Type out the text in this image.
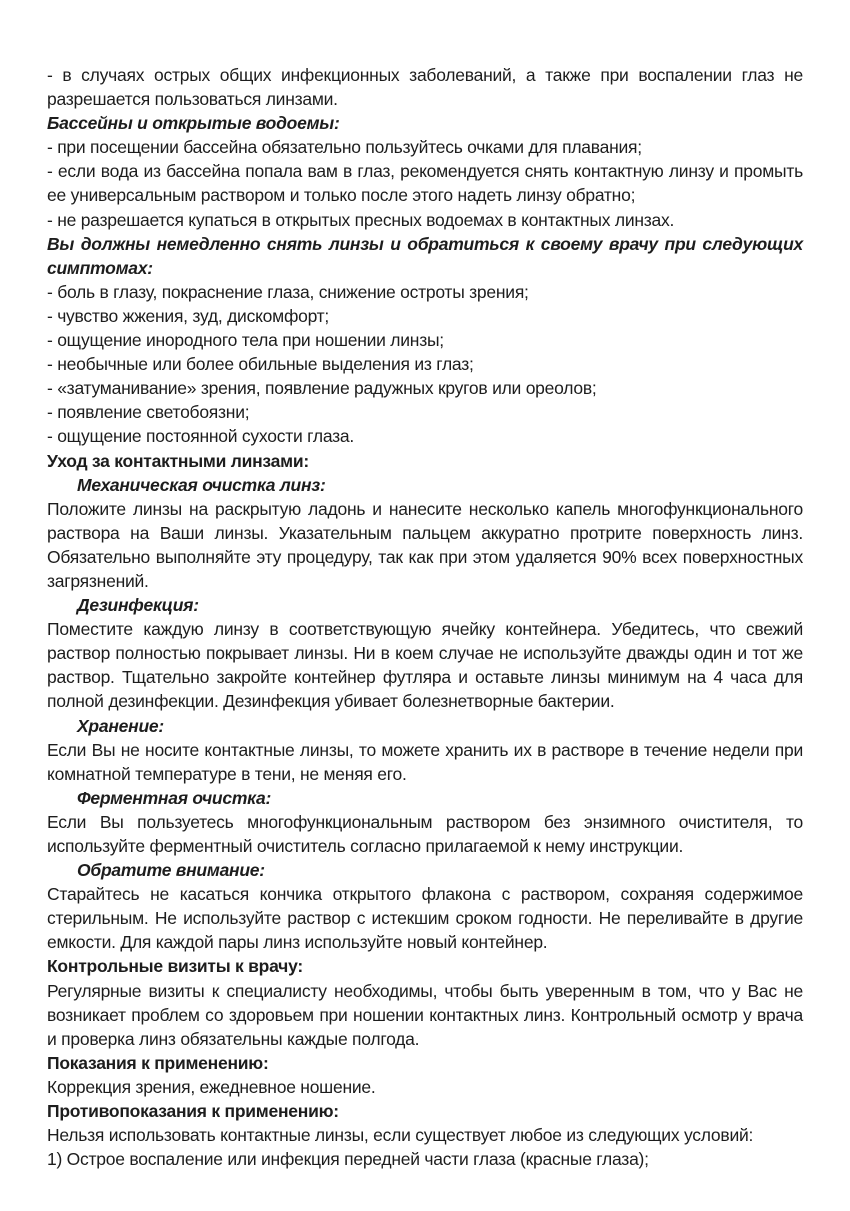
- в случаях острых общих инфекционных заболеваний, а также при воспалении глаз не разрешается пользоваться линзами.

Бассейны и открытые водоемы:

- при посещении бассейна обязательно пользуйтесь очками для плавания;

- если вода из бассейна попала вам в глаз, рекомендуется снять контактную линзу и промыть ее универсальным раствором и только после этого надеть линзу обратно;

- не разрешается купаться в открытых пресных водоемах в контактных линзах.

Вы должны немедленно снять линзы и обратиться к своему врачу при следующих симптомах:

- боль в глазу, покраснение глаза, снижение остроты зрения;

- чувство жжения, зуд, дискомфорт;

- ощущение инородного тела при ношении линзы;

- необычные или более обильные выделения из глаз;

- «затуманивание» зрения, появление радужных кругов или ореолов;

- появление светобоязни;

- ощущение постоянной сухости глаза.

Уход за контактными линзами:

Механическая очистка линз:

Положите линзы на раскрытую ладонь и нанесите несколько капель многофункционального раствора на Ваши линзы. Указательным пальцем аккуратно протрите поверхность линз. Обязательно выполняйте эту процедуру, так как при этом удаляется 90% всех поверхностных загрязнений.

Дезинфекция:

Поместите каждую линзу в соответствующую ячейку контейнера. Убедитесь, что свежий раствор полностью покрывает линзы. Ни в коем случае не используйте дважды один и тот же раствор. Тщательно закройте контейнер футляра и оставьте линзы минимум на 4 часа для полной дезинфекции. Дезинфекция убивает болезнетворные бактерии.

Хранение:

Если Вы не носите контактные линзы, то можете хранить их в растворе в течение недели при комнатной температуре в тени, не меняя его.

Ферментная очистка:

Если Вы пользуетесь многофункциональным раствором без энзимного очистителя, то используйте ферментный очиститель согласно прилагаемой к нему инструкции.

Обратите внимание:

Старайтесь не касаться кончика открытого флакона с раствором, сохраняя содержимое стерильным. Не используйте раствор с истекшим сроком годности. Не переливайте в другие емкости. Для каждой пары линз используйте новый контейнер.

Контрольные визиты к врачу:

Регулярные визиты к специалисту необходимы, чтобы быть уверенным в том, что у Вас не возникает проблем со здоровьем при ношении контактных линз. Контрольный осмотр у врача и проверка линз обязательны каждые полгода.

Показания к применению:

Коррекция зрения, ежедневное ношение.

Противопоказания к применению:

Нельзя использовать контактные линзы, если существует любое из следующих условий:

1) Острое воспаление или инфекция передней части глаза (красные глаза);
